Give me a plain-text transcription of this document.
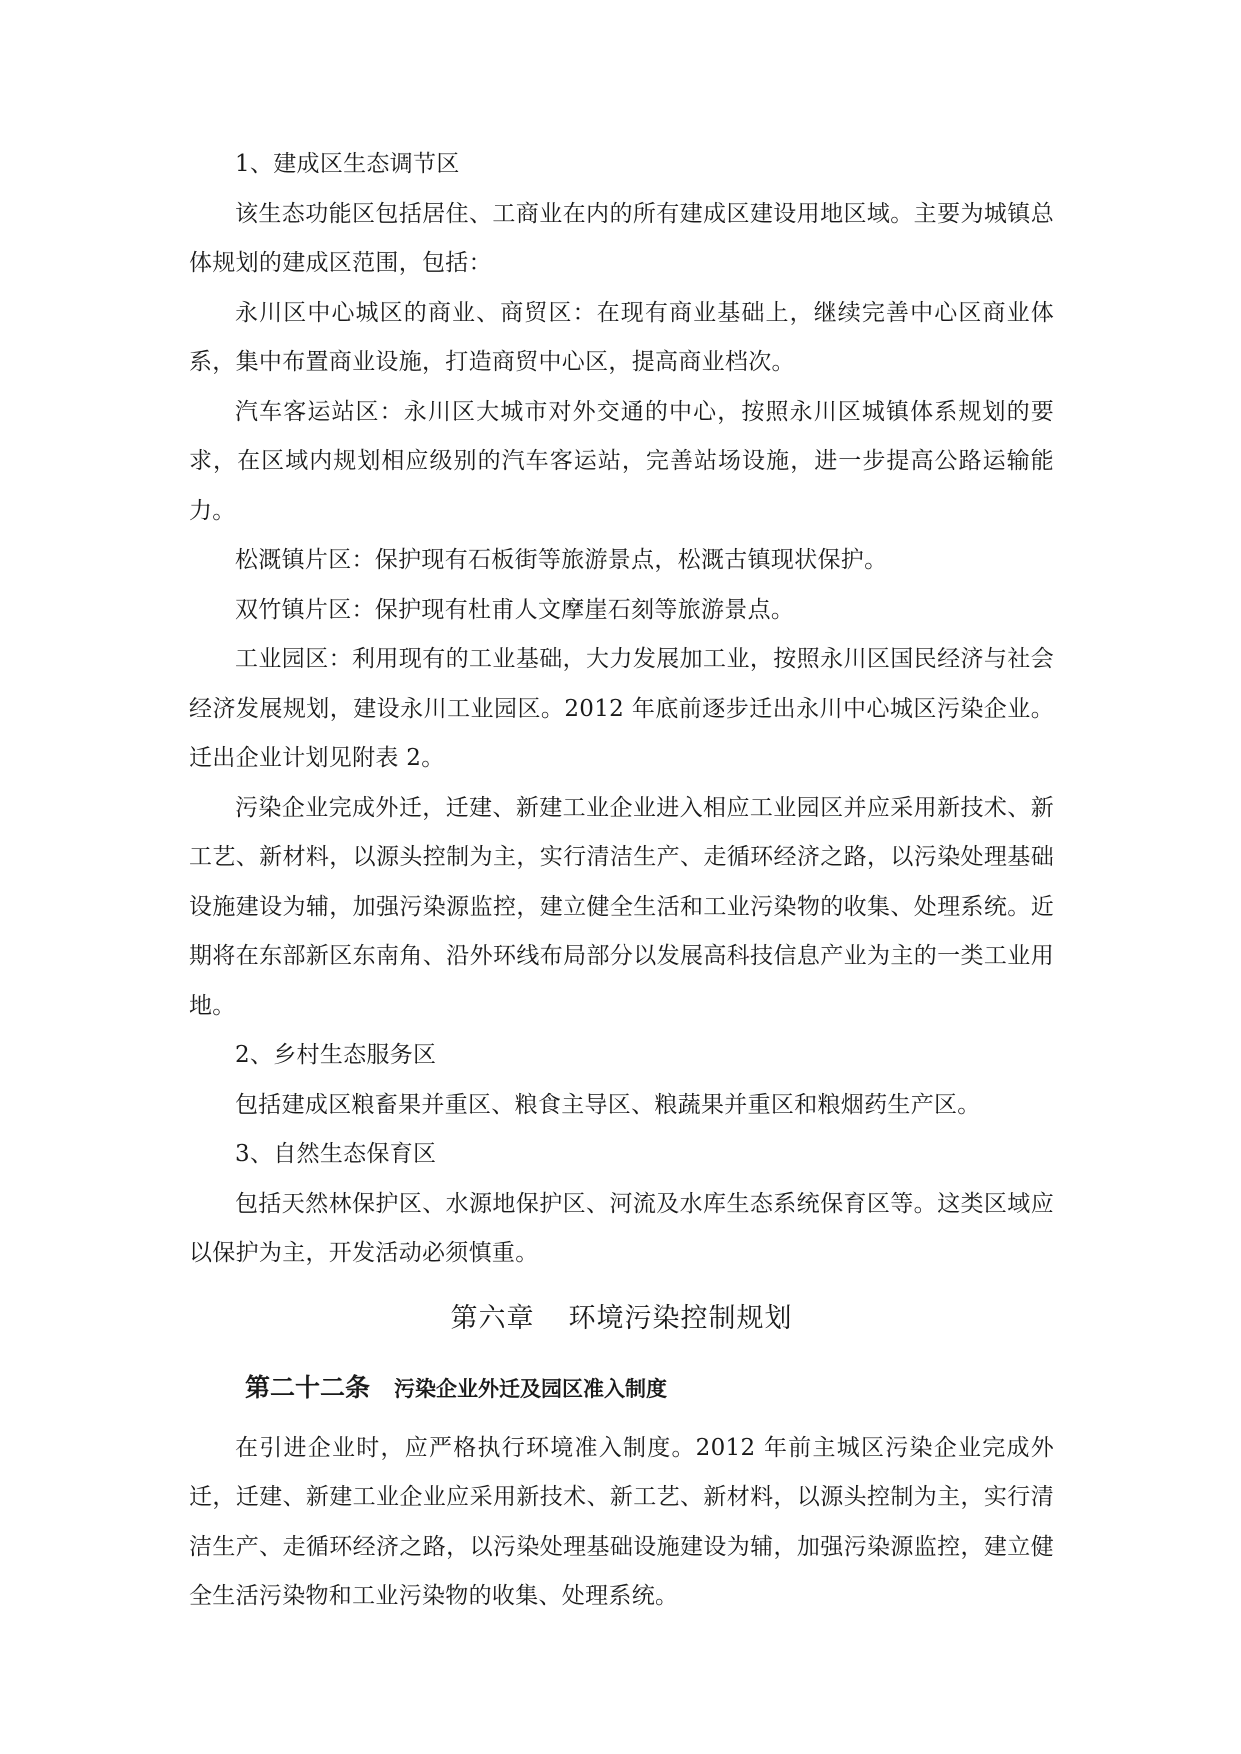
1、建成区生态调节区

该生态功能区包括居住、工商业在内的所有建成区建设用地区域。主要为城镇总体规划的建成区范围，包括：

永川区中心城区的商业、商贸区：在现有商业基础上，继续完善中心区商业体系，集中布置商业设施，打造商贸中心区，提高商业档次。

汽车客运站区：永川区大城市对外交通的中心，按照永川区城镇体系规划的要求，在区域内规划相应级别的汽车客运站，完善站场设施，进一步提高公路运输能力。

松溉镇片区：保护现有石板街等旅游景点，松溉古镇现状保护。

双竹镇片区：保护现有杜甫人文摩崖石刻等旅游景点。

工业园区：利用现有的工业基础，大力发展加工业，按照永川区国民经济与社会经济发展规划，建设永川工业园区。2012 年底前逐步迁出永川中心城区污染企业。迁出企业计划见附表 2。

污染企业完成外迁，迁建、新建工业企业进入相应工业园区并应采用新技术、新工艺、新材料，以源头控制为主，实行清洁生产、走循环经济之路，以污染处理基础设施建设为辅，加强污染源监控，建立健全生活和工业污染物的收集、处理系统。近期将在东部新区东南角、沿外环线布局部分以发展高科技信息产业为主的一类工业用地。

2、乡村生态服务区

包括建成区粮畜果并重区、粮食主导区、粮蔬果并重区和粮烟药生产区。

3、自然生态保育区

包括天然林保护区、水源地保护区、河流及水库生态系统保育区等。这类区域应以保护为主，开发活动必须慎重。

第六章 环境污染控制规划
第二十二条 污染企业外迁及园区准入制度

在引进企业时，应严格执行环境准入制度。2012 年前主城区污染企业完成外迁，迁建、新建工业企业应采用新技术、新工艺、新材料，以源头控制为主，实行清洁生产、走循环经济之路，以污染处理基础设施建设为辅，加强污染源监控，建立健全生活污染物和工业污染物的收集、处理系统。
